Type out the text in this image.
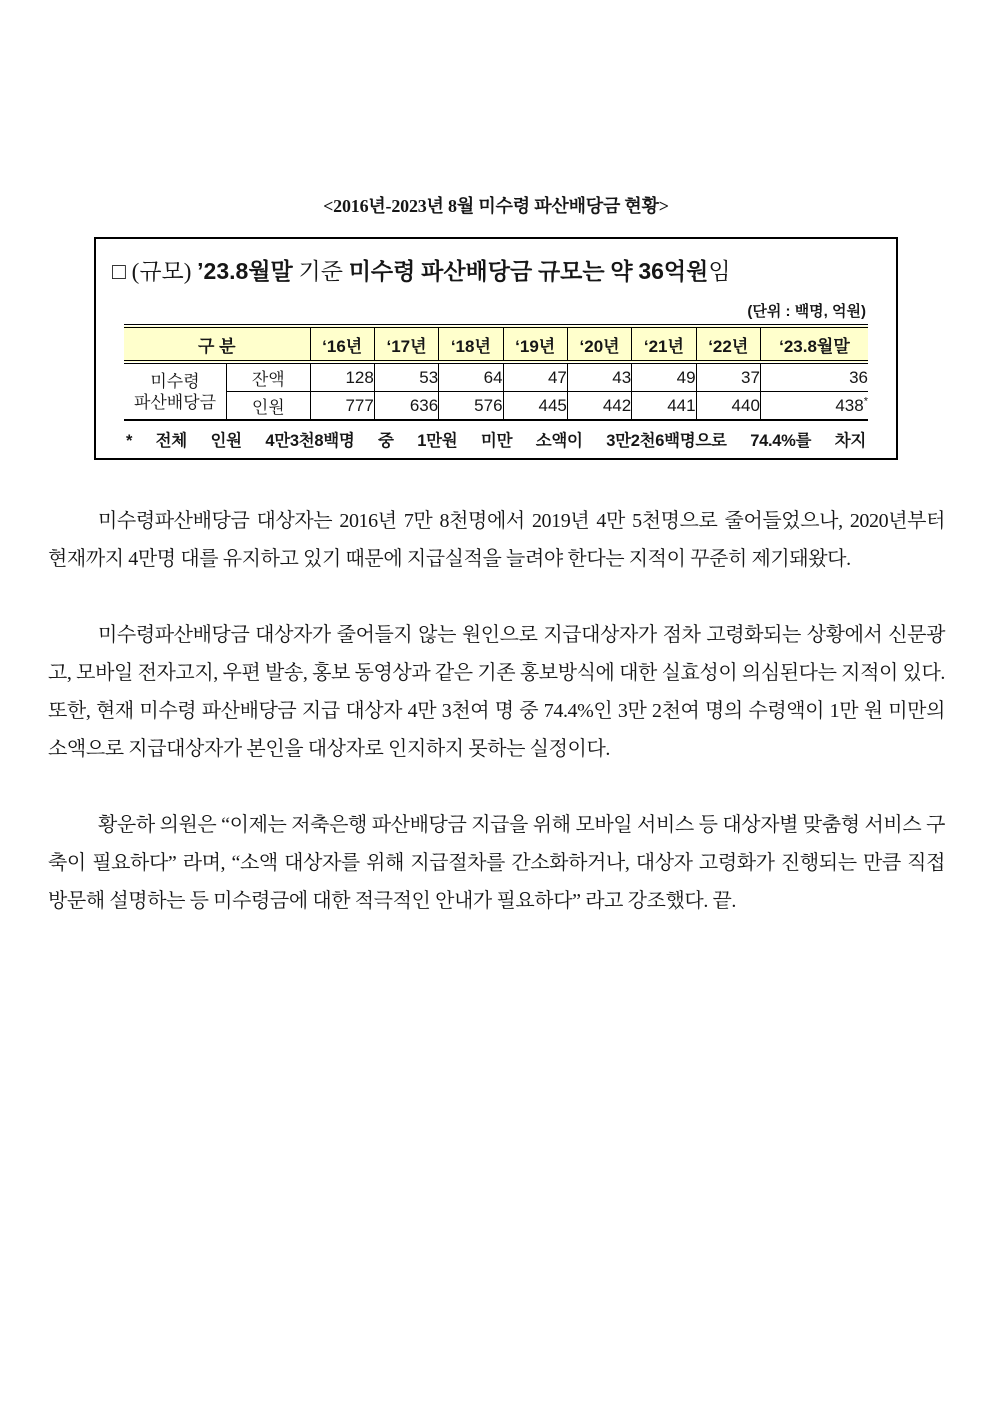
<2016년-2023년 8월 미수령 파산배당금 현황>
□ (규모) ’23.8월말 기준 미수령 파산배당금 규모는 약 36억원임
(단위 : 백명, 억원)
구 분		‘16년	‘17년	‘18년	‘19년	‘20년	‘21년	‘22년	‘23.8월말
미수령
파산배당금	잔액	128	53	64	47	43	49	37	36
	인원	777	636	576	445	442	441	440	438*
* 전체 인원 4만3천8백명 중 1만원 미만 소액이 3만2천6백명으로 74.4%를 차지

미수령파산배당금 대상자는 2016년 7만 8천명에서 2019년 4만 5천명으로 줄어들었으나, 2020년부터 현재까지 4만명 대를 유지하고 있기 때문에 지급실적을 늘려야 한다는 지적이 꾸준히 제기돼왔다.

미수령파산배당금 대상자가 줄어들지 않는 원인으로 지급대상자가 점차 고령화되는 상황에서 신문광고, 모바일 전자고지, 우편 발송, 홍보 동영상과 같은 기존 홍보방식에 대한 실효성이 의심된다는 지적이 있다. 또한, 현재 미수령 파산배당금 지급 대상자 4만 3천여 명 중 74.4%인 3만 2천여 명의 수령액이 1만 원 미만의 소액으로 지급대상자가 본인을 대상자로 인지하지 못하는 실정이다.

황운하 의원은 “이제는 저축은행 파산배당금 지급을 위해 모바일 서비스 등 대상자별 맞춤형 서비스 구축이 필요하다” 라며, “소액 대상자를 위해 지급절차를 간소화하거나, 대상자 고령화가 진행되는 만큼 직접 방문해 설명하는 등 미수령금에 대한 적극적인 안내가 필요하다” 라고 강조했다. 끝.
